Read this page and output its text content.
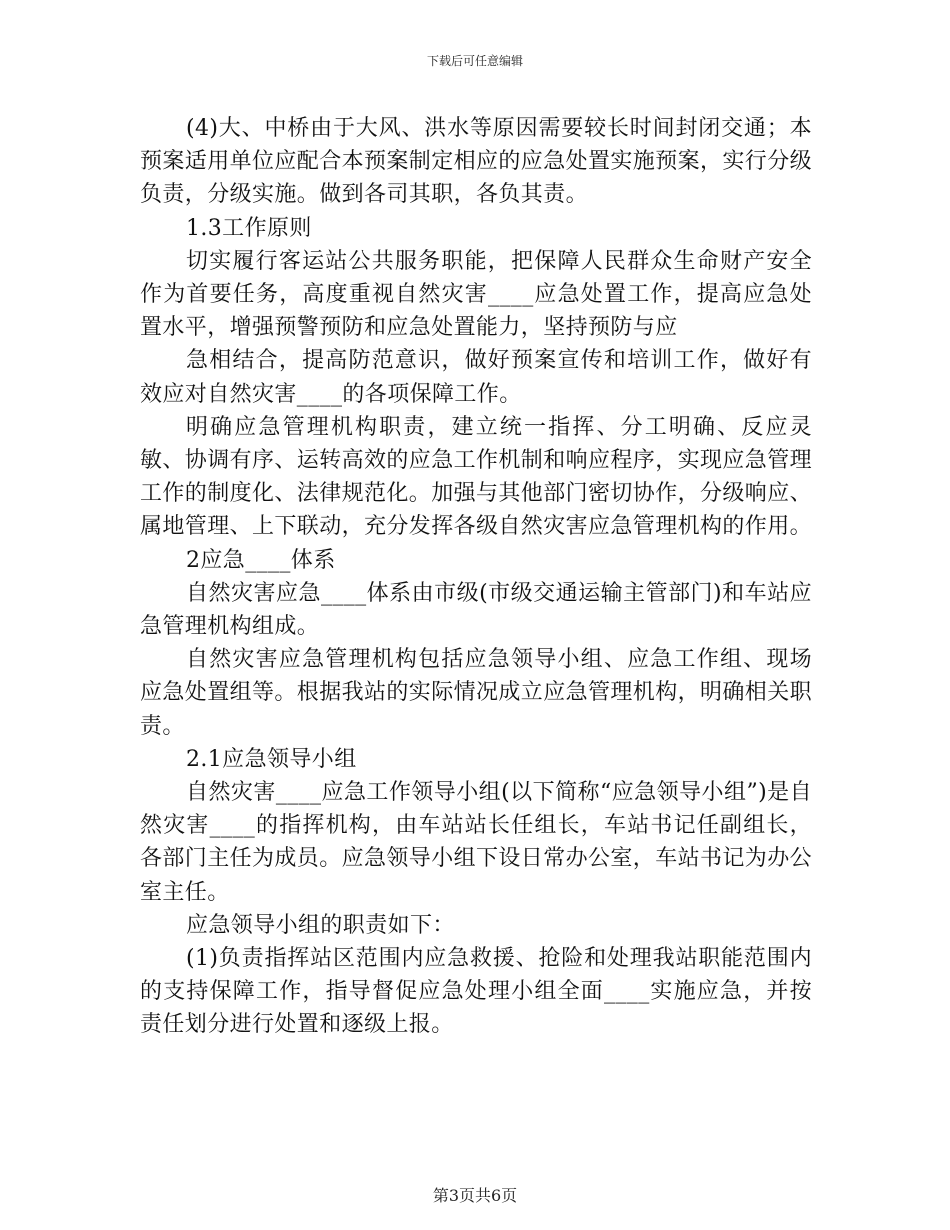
下载后可任意编辑

(4)大、中桥由于大风、洪水等原因需要较长时间封闭交通；本预案适用单位应配合本预案制定相应的应急处置实施预案，实行分级负责，分级实施。做到各司其职，各负其责。

1.3工作原则

切实履行客运站公共服务职能，把保障人民群众生命财产安全作为首要任务，高度重视自然灾害____应急处置工作，提高应急处置水平，增强预警预防和应急处置能力，坚持预防与应

急相结合，提高防范意识，做好预案宣传和培训工作，做好有效应对自然灾害____的各项保障工作。

明确应急管理机构职责，建立统一指挥、分工明确、反应灵敏、协调有序、运转高效的应急工作机制和响应程序，实现应急管理工作的制度化、法律规范化。加强与其他部门密切协作，分级响应、属地管理、上下联动，充分发挥各级自然灾害应急管理机构的作用。

2应急____体系

自然灾害应急____体系由市级(市级交通运输主管部门)和车站应急管理机构组成。

自然灾害应急管理机构包括应急领导小组、应急工作组、现场应急处置组等。根据我站的实际情况成立应急管理机构，明确相关职责。

2.1应急领导小组

自然灾害____应急工作领导小组(以下简称“应急领导小组”)是自然灾害____的指挥机构，由车站站长任组长，车站书记任副组长，各部门主任为成员。应急领导小组下设日常办公室，车站书记为办公室主任。

应急领导小组的职责如下：

(1)负责指挥站区范围内应急救援、抢险和处理我站职能范围内的支持保障工作，指导督促应急处理小组全面____实施应急，并按责任划分进行处置和逐级上报。

第3页共6页
